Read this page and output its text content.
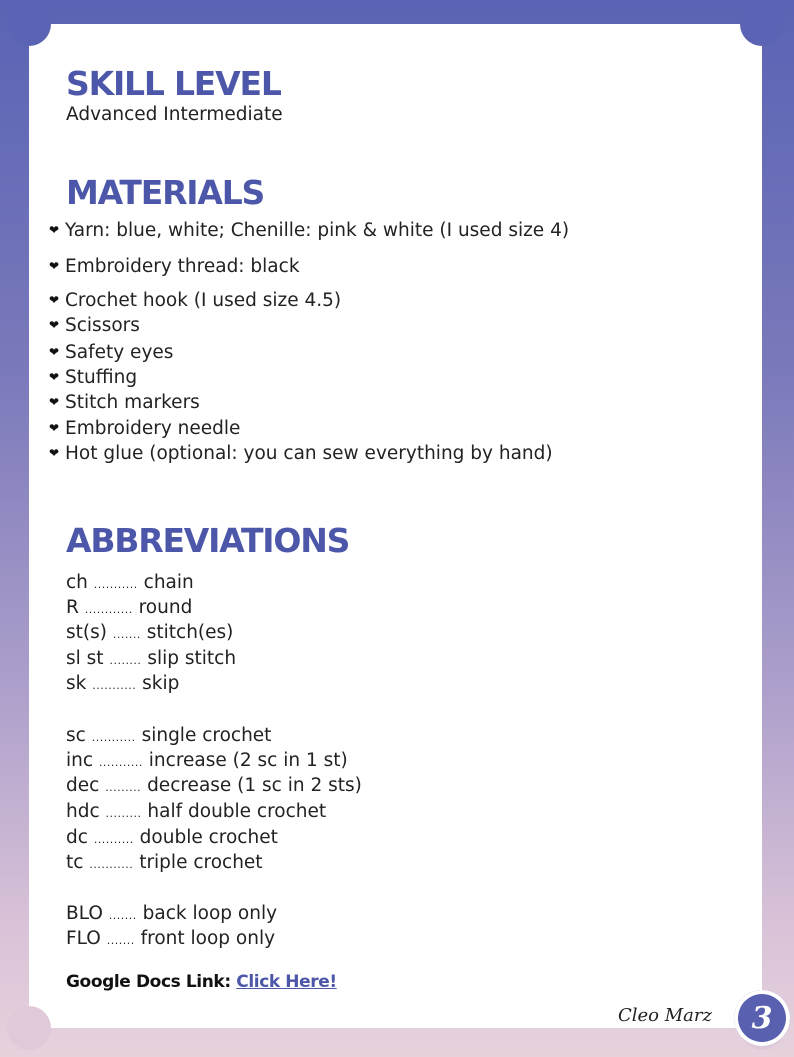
SKILL LEVEL
Advanced Intermediate
MATERIALS
❤ Yarn: blue, white; Chenille: pink & white (I used size 4)
❤ Embroidery thread: black
❤ Crochet hook (I used size 4.5)
❤ Scissors
❤ Safety eyes
❤ Stuffing
❤ Stitch markers
❤ Embroidery needle
❤ Hot glue (optional: you can sew everything by hand)
ABBREVIATIONS
ch ........... chain
R ............ round
st(s) ....... stitch(es)
sl st ........ slip stitch
sk ........... skip
sc ........... single crochet
inc ........... increase (2 sc in 1 st)
dec ......... decrease (1 sc in 2 sts)
hdc ......... half double crochet
dc .......... double crochet
tc ........... triple crochet
BLO ....... back loop only
FLO ....... front loop only
Google Docs Link: Click Here!
Cleo Marz	3
